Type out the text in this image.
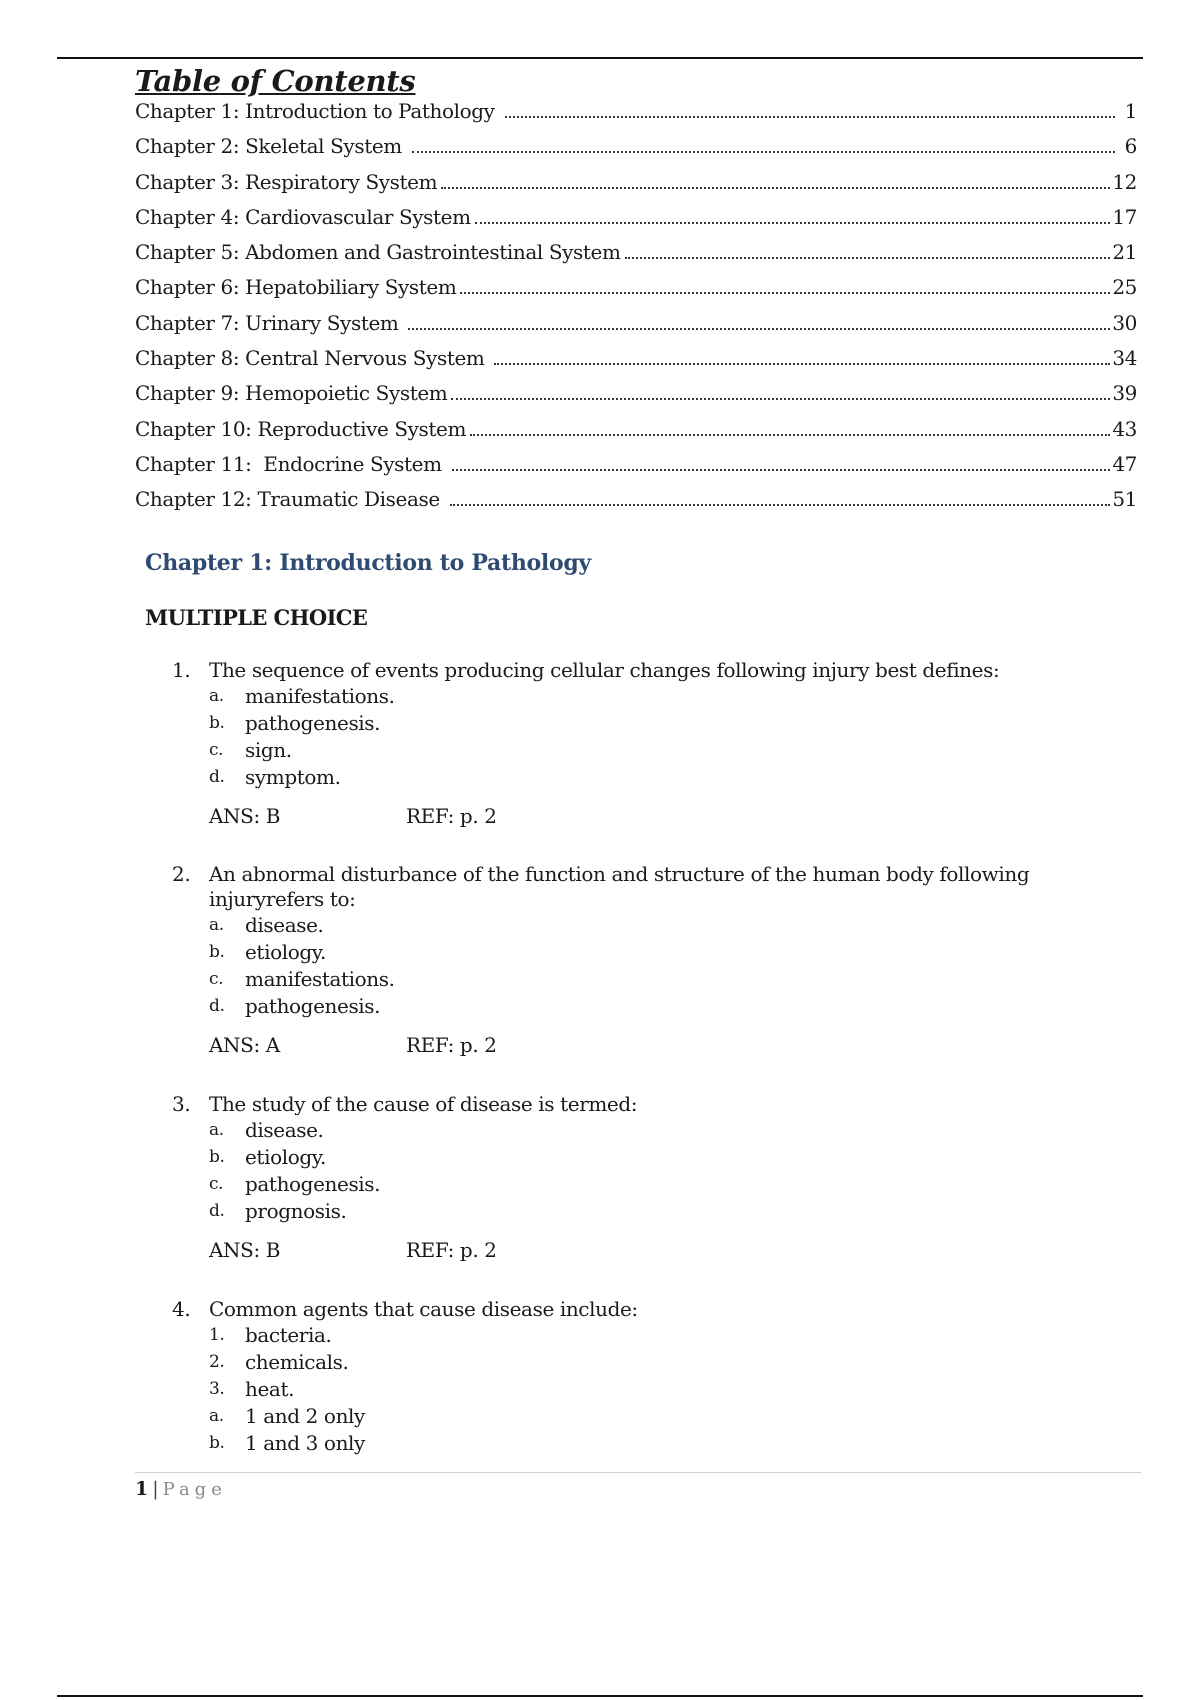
Table of Contents
Chapter 1: Introduction to Pathology	1
Chapter 2: Skeletal System	6
Chapter 3: Respiratory System	12
Chapter 4: Cardiovascular System	17
Chapter 5: Abdomen and Gastrointestinal System	21
Chapter 6: Hepatobiliary System	25
Chapter 7: Urinary System	30
Chapter 8: Central Nervous System	34
Chapter 9: Hemopoietic System	39
Chapter 10: Reproductive System	43
Chapter 11:  Endocrine System	47
Chapter 12: Traumatic Disease	51
Chapter 1: Introduction to Pathology
MULTIPLE CHOICE
1. The sequence of events producing cellular changes following injury best defines:
a.	manifestations.
b.	pathogenesis.
c.	sign.
d.	symptom.
ANS: B	REF: p. 2
2. An abnormal disturbance of the function and structure of the human body following injuryrefers to:
a.	disease.
b.	etiology.
c.	manifestations.
d.	pathogenesis.
ANS: A	REF: p. 2
3. The study of the cause of disease is termed:
a.	disease.
b.	etiology.
c.	pathogenesis.
d.	prognosis.
ANS: B	REF: p. 2
4. Common agents that cause disease include:
1.	bacteria.
2.	chemicals.
3.	heat.
a.	1 and 2 only
b.	1 and 3 only
1 | Page
